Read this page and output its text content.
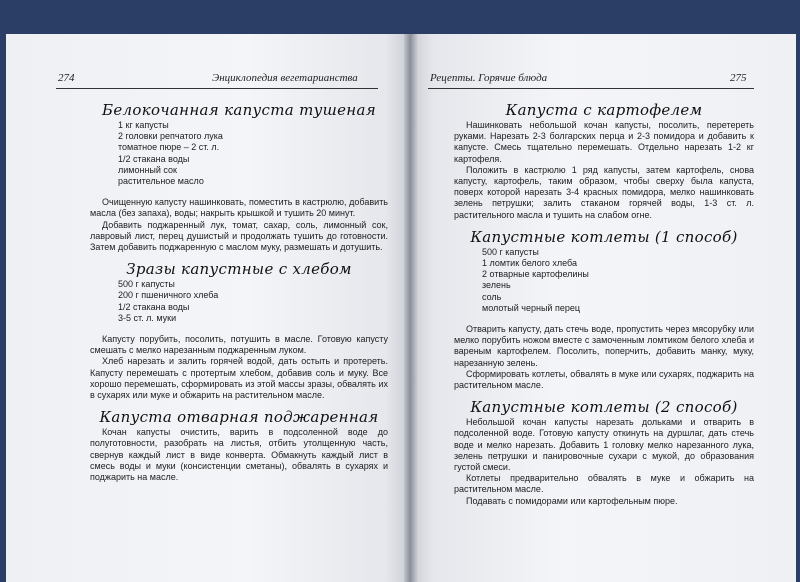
274	Энциклопедия вегетарианства
Белокочанная капуста тушеная

1 кг капусты

2 головки репчатого лука

томатное пюре – 2 ст. л.

1/2 стакана воды

лимонный сок

растительное масло

Очищенную капусту нашинковать, поместить в кастрюлю, добавить масла (без запаха), воды; накрыть крышкой и тушить 20 минут.

Добавить поджаренный лук, томат, сахар, соль, лимонный сок, лавровый лист, перец душистый и продолжать тушить до готовности. Затем добавить поджаренную с маслом муку, размешать и дотушить.

Зразы капустные с хлебом

500 г капусты

200 г пшеничного хлеба

1/2 стакана воды

3-5 ст. л. муки

Капусту порубить, посолить, потушить в масле. Готовую капусту смешать с мелко нарезанным поджаренным луком.

Хлеб нарезать и залить горячей водой, дать остыть и протереть. Капусту перемешать с протертым хлебом, добавив соль и муку. Все хорошо перемешать, сформировать из этой массы зразы, обвалять их в сухарях или муке и обжарить на растительном масле.

Капуста отварная поджаренная

Кочан капусты очистить, варить в подсоленной воде до полуготовности, разобрать на листья, отбить утолщенную часть, свернув каждый лист в виде конверта. Обмакнуть каждый лист в смесь воды и муки (консистенции сметаны), обвалять в сухарях и поджарить на масле.

Рецепты. Горячие блюда	275
Капуста с картофелем

Нашинковать небольшой кочан капусты, посолить, перетереть руками. Нарезать 2-3 болгарских перца и 2-3 помидора и добавить к капусте. Смесь тщательно перемешать. Отдельно нарезать 1-2 кг картофеля.

Положить в кастрюлю 1 ряд капусты, затем картофель, снова капусту, картофель, таким образом, чтобы сверху была капуста, поверх которой нарезать 3-4 красных помидора, мелко нашинковать зелень петрушки; залить стаканом горячей воды, 1-3 ст. л. растительного масла и тушить на слабом огне.

Капустные котлеты (1 способ)

500 г капусты

1 ломтик белого хлеба

2 отварные картофелины

зелень

соль

молотый черный перец

Отварить капусту, дать стечь воде, пропустить через мясорубку или мелко порубить ножом вместе с замоченным ломтиком белого хлеба и вареным картофелем. Посолить, поперчить, добавить манку, муку, нарезанную зелень.

Сформировать котлеты, обвалять в муке или сухарях, поджарить на растительном масле.

Капустные котлеты (2 способ)

Небольшой кочан капусты нарезать дольками и отварить в подсоленной воде. Готовую капусту откинуть на дуршлаг, дать стечь воде и мелко нарезать. Добавить 1 головку мелко нарезанного лука, зелень петрушки и панировочные сухари с мукой, до образования густой смеси.

Котлеты предварительно обвалять в муке и обжарить на растительном масле.

Подавать с помидорами или картофельным пюре.
